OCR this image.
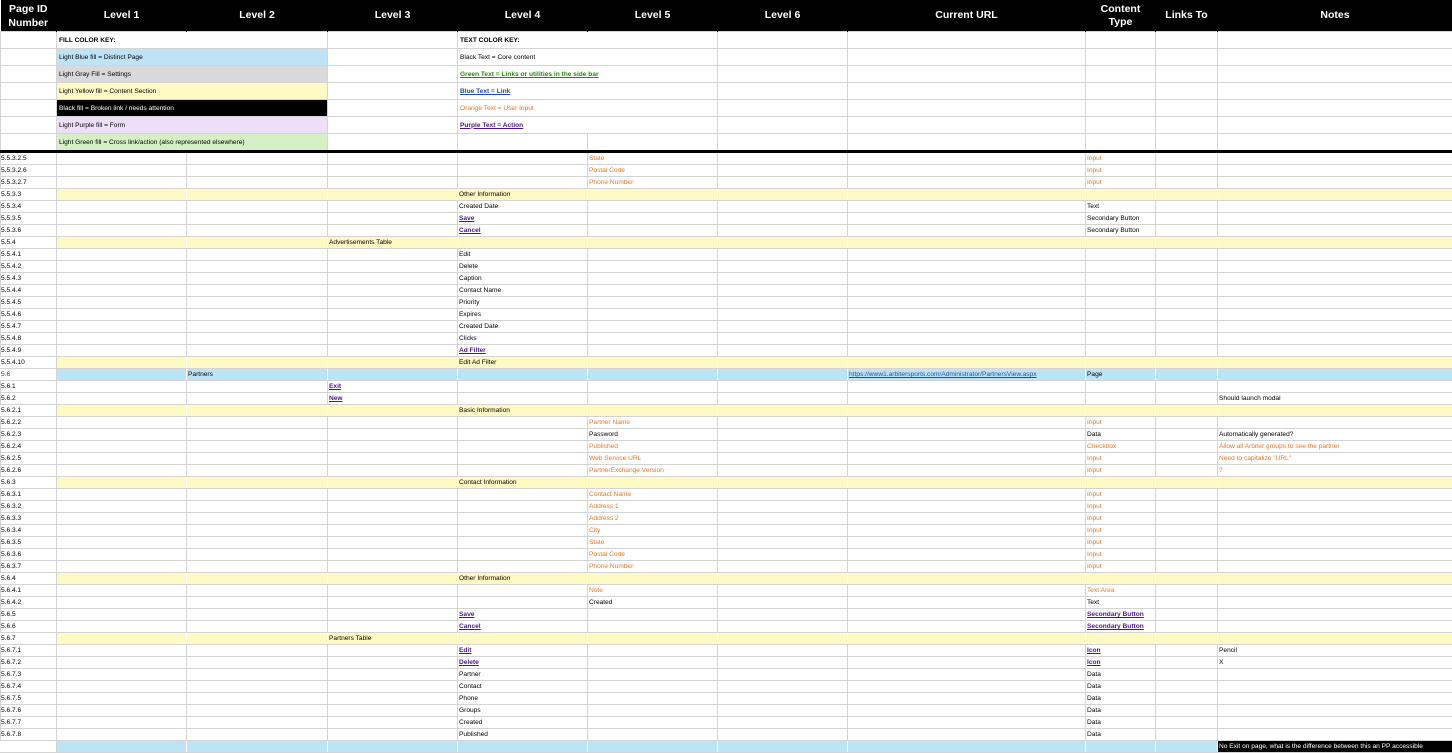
Page ID Number	Level 1	Level 2	Level 3	Level 4	Level 5	Level 6	Current URL	Content Type	Links To	Notes
	FILL COLOR KEY:			TEXT COLOR KEY:						
	Light Blue fill = Distinct Page			Black Text = Core content						
	Light Gray Fill = Settings			Green Text = Links or utilities in the side bar						
	Light Yellow fill = Content Section			Blue Text = Link						
	Black fill = Broken link / needs attention			Orange Text = User Input						
	Light Purple fill = Form			Purple Text = Action						
	Light Green fill = Cross link/action (also represented elsewhere)									
5.5.3.2.5					State			Input		
5.5.3.2.6					Postal Code			Input		
5.5.3.2.7					Phone Number			Input		
5.5.3.3				Other Information						
5.5.3.4				Created Date				Text		
5.5.3.5				Save				Secondary Button		
5.5.3.6				Cancel				Secondary Button		
5.5.4			Advertisements Table							
5.5.4.1				Edit						
5.5.4.2				Delete						
5.5.4.3				Caption						
5.5.4.4				Contact Name						
5.5.4.5				Priority						
5.5.4.6				Expires						
5.5.4.7				Created Date						
5.5.4.8				Clicks						
5.5.4.9				Ad Filter						
5.5.4.10				Edit Ad Filter						
5.6		Partners					https://www1.arbitersports.com/Administrator/PartnersView.aspx	Page		
5.6.1			Exit							
5.6.2			New							Should launch modal
5.6.2.1				Basic Information						
5.6.2.2					Partner Name			Input		
5.6.2.3					Password			Data		Automatically generated?
5.6.2.4					Published			Checkbox		Allow all Arbiter groups to see the partner
5.6.2.5					Web Service URL			Input		Need to capitalize "URL"
5.6.2.6					PartnerExchange Version			Input		?
5.6.3				Contact Information						
5.6.3.1					Contact Name			Input		
5.6.3.2					Address 1			Input		
5.6.3.3					Address 2			Input		
5.6.3.4					City			Input		
5.6.3.5					State			Input		
5.6.3.6					Postal Code			Input		
5.6.3.7					Phone Number			Input		
5.6.4				Other Information						
5.6.4.1					Note			Text Area		
5.6.4.2					Created			Text		
5.6.5				Save				Secondary Button		
5.6.6				Cancel				Secondary Button		
5.6.7			Partners Table							
5.6.7.1				Edit				Icon		Pencil
5.6.7.2				Delete				Icon		X
5.6.7.3				Partner				Data		
5.6.7.4				Contact				Data		
5.6.7.5				Phone				Data		
5.6.7.6				Groups				Data		
5.6.7.7				Created				Data		
5.6.7.8				Published				Data		
										No Exit on page, what is the difference between this an PP accessible
